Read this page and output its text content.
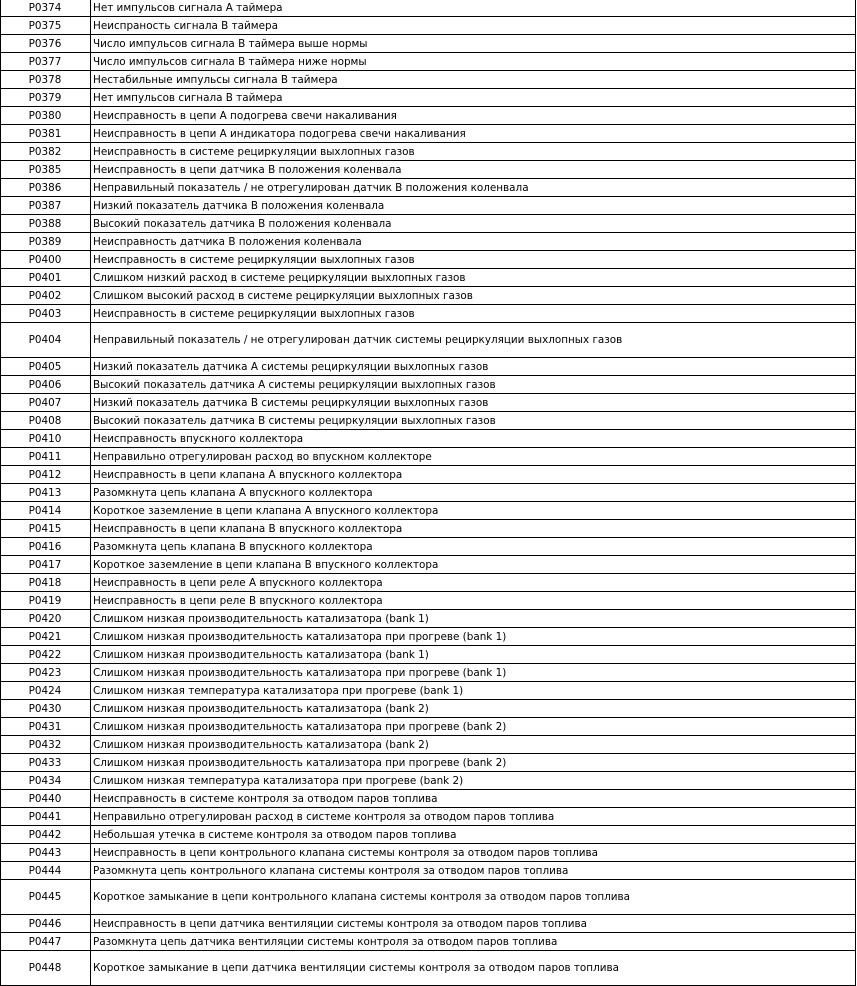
P0374	Нет импульсов сигнала А таймера
P0375	Неиспраность сигнала В таймера
P0376	Число импульсов сигнала В таймера выше нормы
P0377	Число импульсов сигнала В таймера ниже нормы
P0378	Нестабильные импульсы сигнала В таймера
P0379	Нет импульсов сигнала В таймера
P0380	Неисправность в цепи А подогрева свечи накаливания
P0381	Неисправность в цепи А индикатора подогрева свечи накаливания
P0382	Неисправность в системе рециркуляции выхлопных газов
P0385	Неисправность в цепи датчика В положения коленвала
P0386	Неправильный показатель / не отрегулирован датчик В положения коленвала
P0387	Низкий показатель датчика В положения коленвала
P0388	Высокий показатель датчика В положения коленвала
P0389	Неисправность датчика В положения коленвала
P0400	Неисправность в системе рециркуляции выхлопных газов
P0401	Слишком низкий расход в системе рециркуляции выхлопных газов
P0402	Слишком высокий расход в системе рециркуляции выхлопных газов
P0403	Неисправность в системе рециркуляции выхлопных газов
P0404	Неправильный показатель / не отрегулирован датчик системы рециркуляции выхлопных газов
P0405	Низкий показатель датчика А системы рециркуляции выхлопных газов
P0406	Высокий показатель датчика А системы рециркуляции выхлопных газов
P0407	Низкий показатель датчика В системы рециркуляции выхлопных газов
P0408	Высокий показатель датчика В системы рециркуляции выхлопных газов
P0410	Неисправность впускного коллектора
P0411	Неправильно отрегулирован расход во впускном коллекторе
P0412	Неисправность в цепи клапана А впускного коллектора
P0413	Разомкнута цепь клапана А впускного коллектора
P0414	Короткое заземление в цепи клапана А впускного коллектора
P0415	Неисправность в цепи клапана В впускного коллектора
P0416	Разомкнута цепь клапана В впускного коллектора
P0417	Короткое заземление в цепи клапана В впускного коллектора
P0418	Неисправность в цепи реле А впускного коллектора
P0419	Неисправность в цепи реле В впускного коллектора
P0420	Слишком низкая производительность катализатора (bank 1)
P0421	Слишком низкая производительность катализатора при прогреве (bank 1)
P0422	Слишком низкая производительность катализатора (bank 1)
P0423	Слишком низкая производительность катализатора при прогреве (bank 1)
P0424	Слишком низкая температура катализатора при прогреве (bank 1)
P0430	Слишком низкая производительность катализатора (bank 2)
P0431	Слишком низкая производительность катализатора при прогреве (bank 2)
P0432	Слишком низкая производительность катализатора (bank 2)
P0433	Слишком низкая производительность катализатора при прогреве (bank 2)
P0434	Слишком низкая температура катализатора при прогреве (bank 2)
P0440	Неисправность в системе контроля за отводом паров топлива
P0441	Неправильно отрегулирован расход в системе контроля за отводом паров топлива
P0442	Небольшая утечка в системе контроля за отводом паров топлива
P0443	Неисправность в цепи контрольного клапана системы контроля за отводом паров топлива
P0444	Разомкнута цепь контрольного клапана системы контроля за отводом паров топлива
P0445	Короткое замыкание в цепи контрольного клапана системы контроля за отводом паров топлива
P0446	Неисправность в цепи датчика вентиляции системы контроля за отводом паров топлива
P0447	Разомкнута цепь датчика вентиляции системы контроля за отводом паров топлива
P0448	Короткое замыкание в цепи датчика вентиляции системы контроля за отводом паров топлива
